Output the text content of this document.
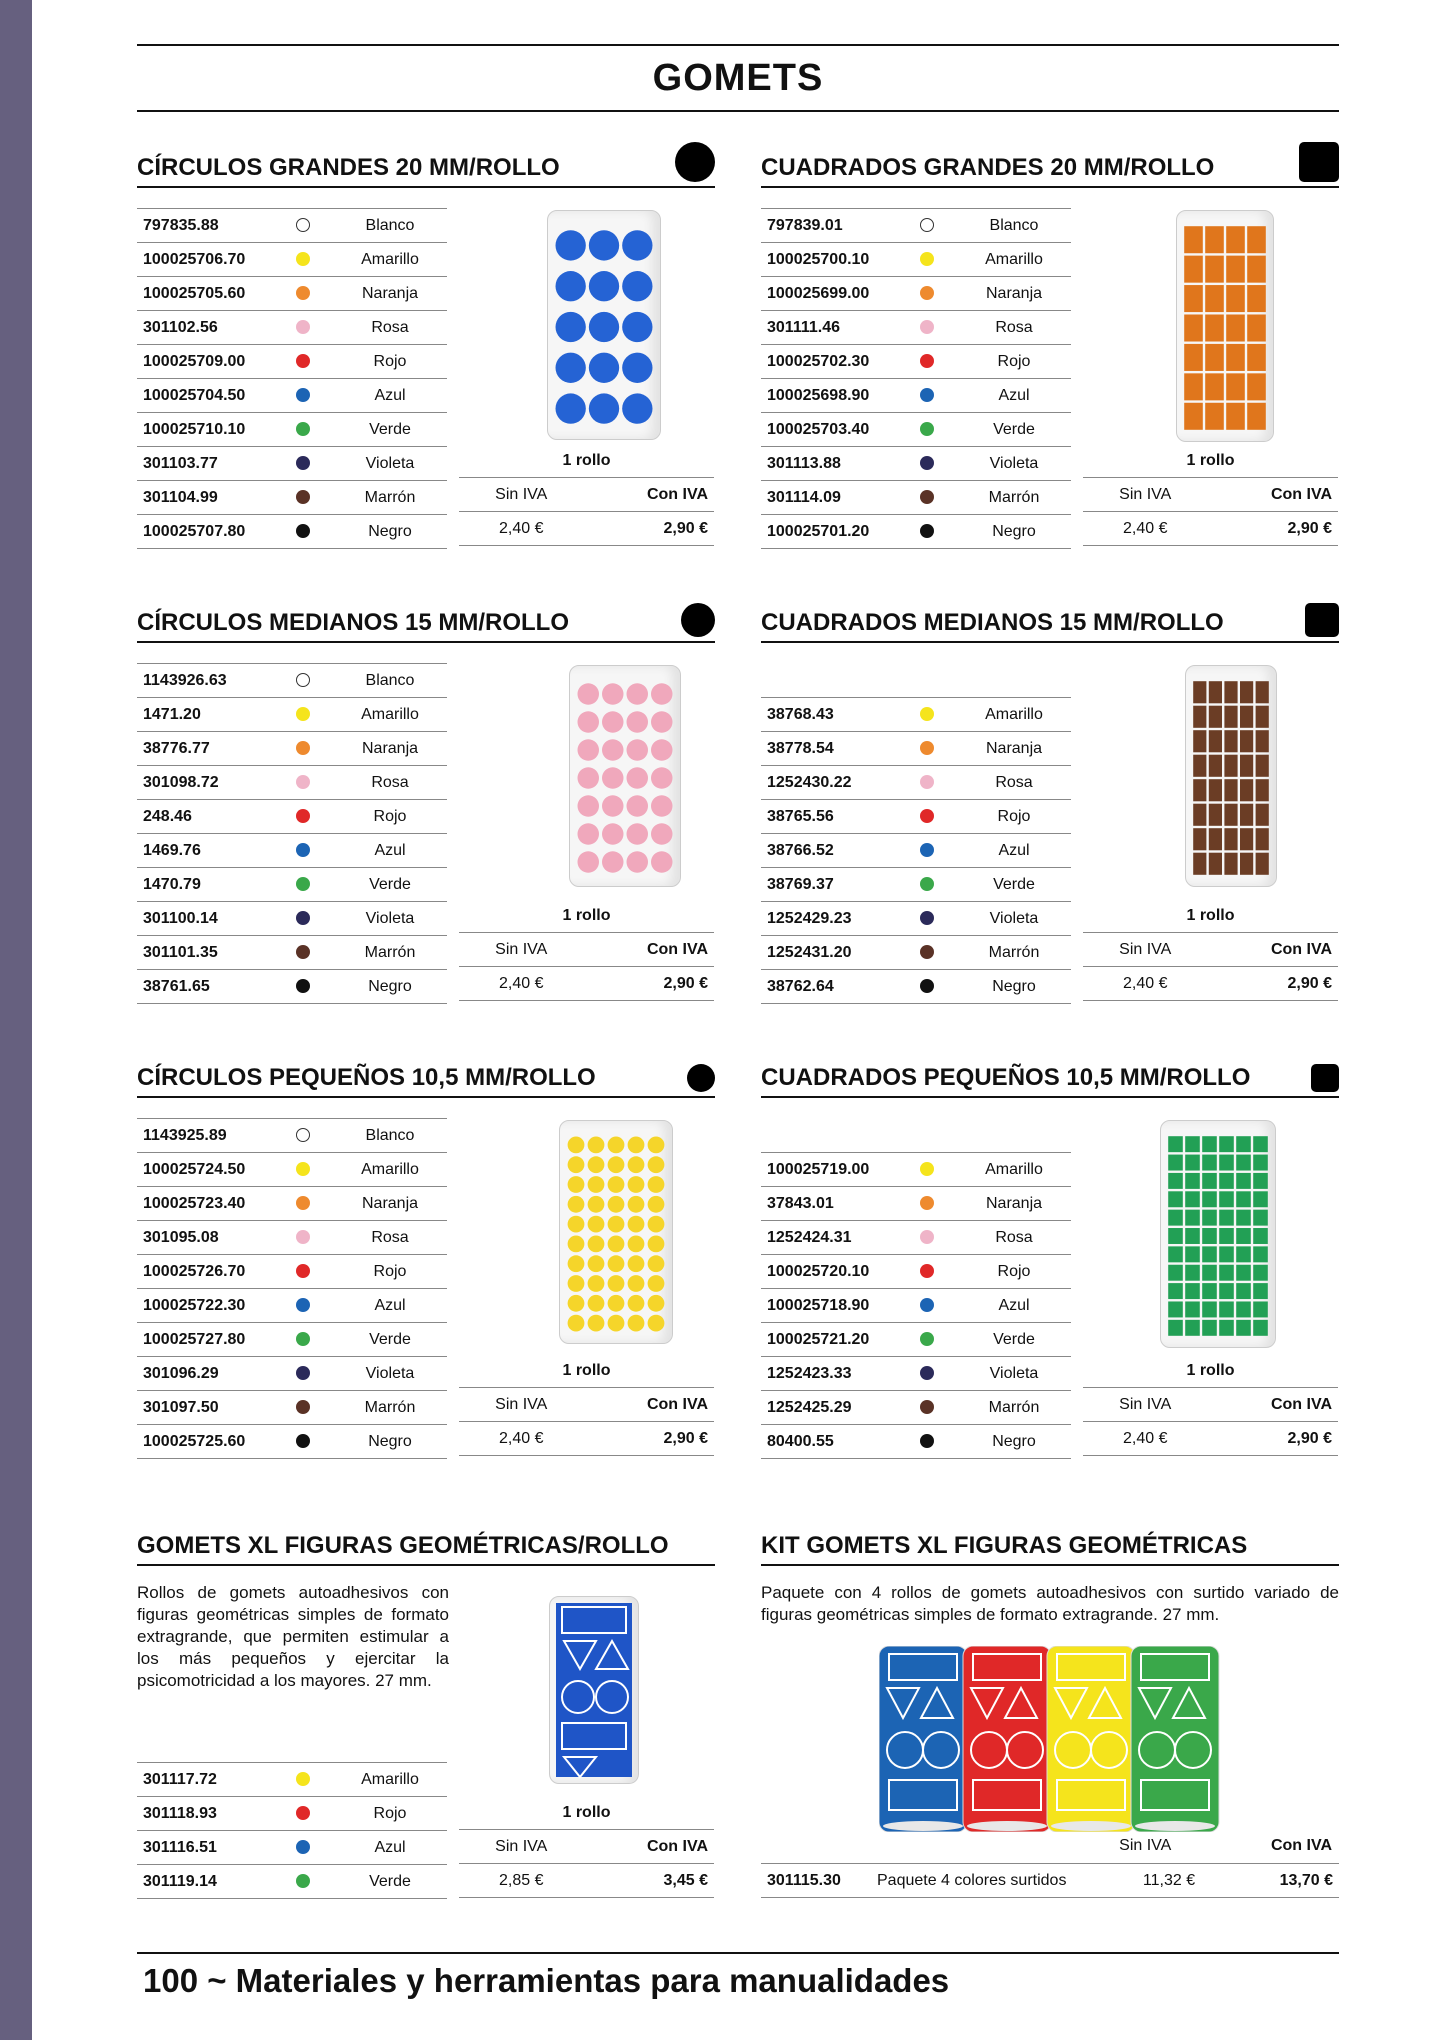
GOMETS
CÍRCULOS GRANDES 20 MM/ROLLO
797835.88		Blanco
100025706.70		Amarillo
100025705.60		Naranja
301102.56		Rosa
100025709.00		Rojo
100025704.50		Azul
100025710.10		Verde
301103.77		Violeta
301104.99		Marrón
100025707.80		Negro
1 rollo
Sin IVA	Con IVA
2,40 €	2,90 €
CUADRADOS GRANDES 20 MM/ROLLO
797839.01		Blanco
100025700.10		Amarillo
100025699.00		Naranja
301111.46		Rosa
100025702.30		Rojo
100025698.90		Azul
100025703.40		Verde
301113.88		Violeta
301114.09		Marrón
100025701.20		Negro
1 rollo
Sin IVA	Con IVA
2,40 €	2,90 €
CÍRCULOS MEDIANOS 15 MM/ROLLO
1143926.63		Blanco
1471.20		Amarillo
38776.77		Naranja
301098.72		Rosa
248.46		Rojo
1469.76		Azul
1470.79		Verde
301100.14		Violeta
301101.35		Marrón
38761.65		Negro
1 rollo
Sin IVA	Con IVA
2,40 €	2,90 €
CUADRADOS MEDIANOS 15 MM/ROLLO
38768.43		Amarillo
38778.54		Naranja
1252430.22		Rosa
38765.56		Rojo
38766.52		Azul
38769.37		Verde
1252429.23		Violeta
1252431.20		Marrón
38762.64		Negro
1 rollo
Sin IVA	Con IVA
2,40 €	2,90 €
CÍRCULOS PEQUEÑOS 10,5 MM/ROLLO
1143925.89		Blanco
100025724.50		Amarillo
100025723.40		Naranja
301095.08		Rosa
100025726.70		Rojo
100025722.30		Azul
100025727.80		Verde
301096.29		Violeta
301097.50		Marrón
100025725.60		Negro
1 rollo
Sin IVA	Con IVA
2,40 €	2,90 €
CUADRADOS PEQUEÑOS 10,5 MM/ROLLO
100025719.00		Amarillo
37843.01		Naranja
1252424.31		Rosa
100025720.10		Rojo
100025718.90		Azul
100025721.20		Verde
1252423.33		Violeta
1252425.29		Marrón
80400.55		Negro
1 rollo
Sin IVA	Con IVA
2,40 €	2,90 €
GOMETS XL FIGURAS GEOMÉTRICAS/ROLLO
Rollos de gomets autoadhesivos con figuras geométricas simples de formato extragrande, que permiten estimular a los más pequeños y ejercitar la psicomotricidad a los mayores. 27 mm.
301117.72		Amarillo
301118.93		Rojo
301116.51		Azul
301119.14		Verde
1 rollo
Sin IVA	Con IVA
2,85 €	3,45 €
KIT GOMETS XL FIGURAS GEOMÉTRICAS
Paquete con 4 rollos de gomets autoadhesivos con surtido variado de figuras geométricas simples de formato extragrande. 27 mm.
Sin IVA	Con IVA
301115.30	Paquete 4 colores surtidos	11,32 €	13,70 €

100 ~ Materiales y herramientas para manualidades
